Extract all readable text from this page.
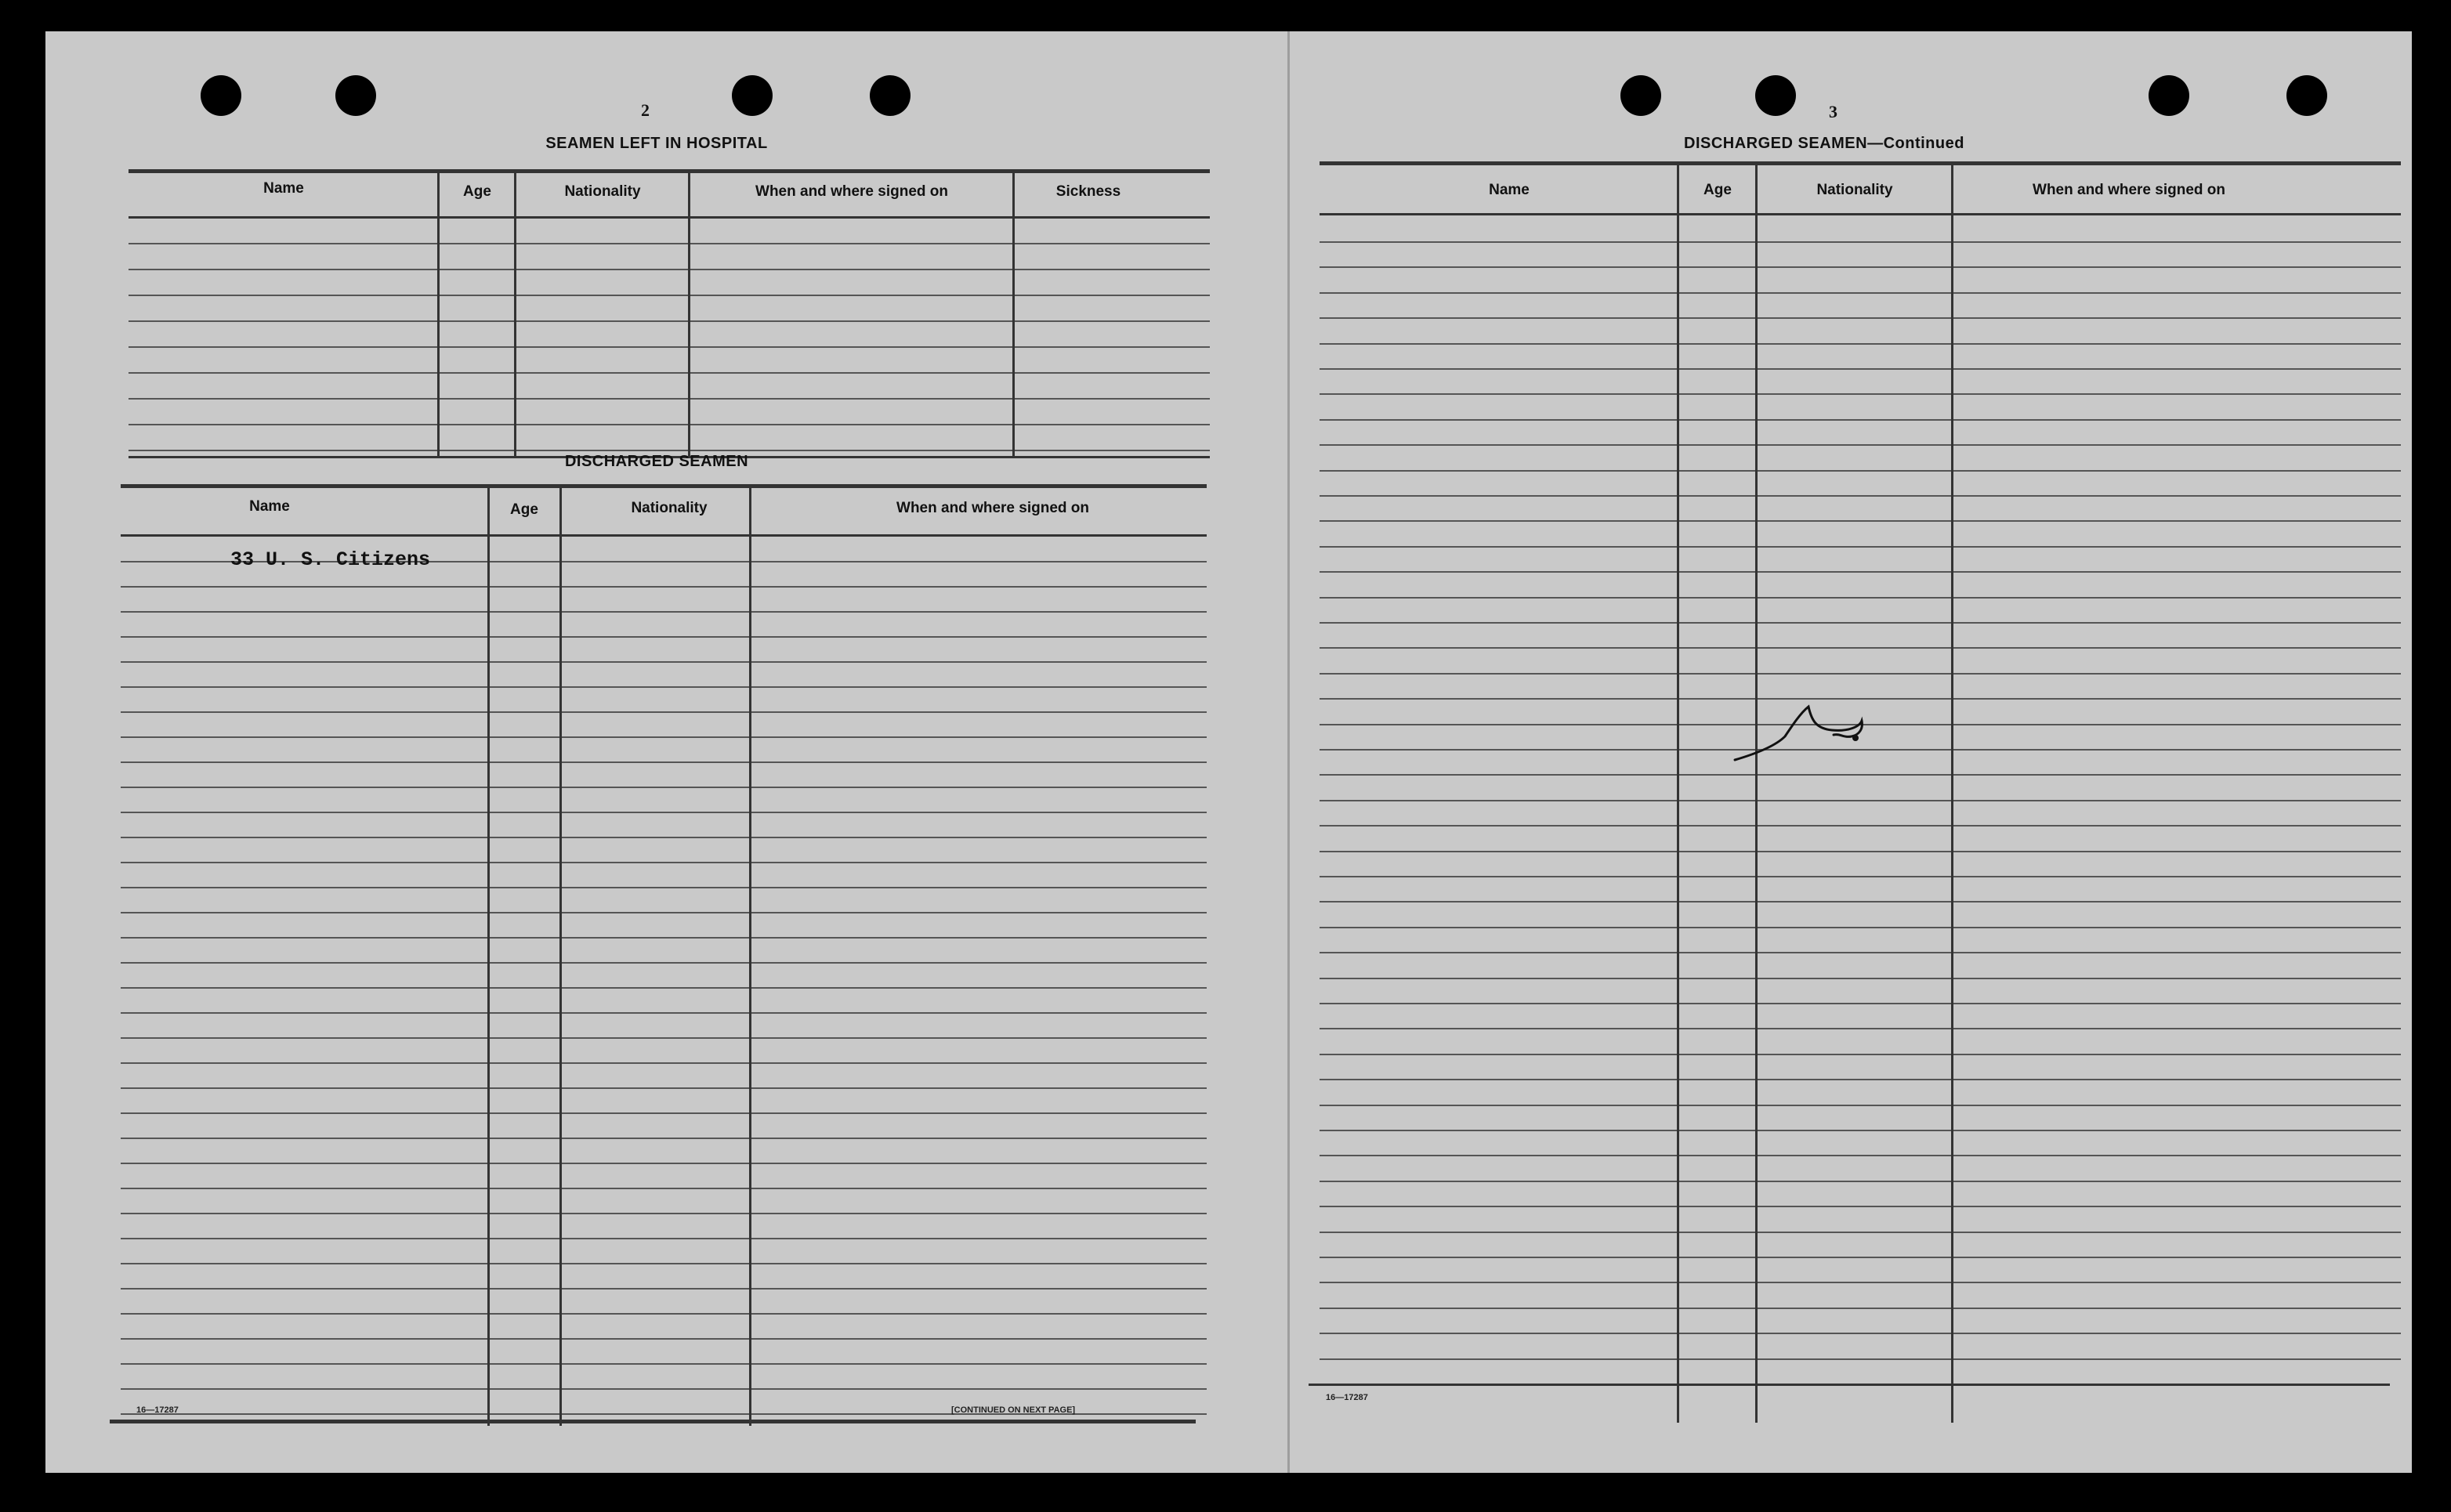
2
SEAMEN LEFT IN HOSPITAL
Name	Age	Nationality	When and where signed on	Sickness
DISCHARGED SEAMEN
Name	Age	Nationality	When and where signed on
33 U. S. Citizens
16—17287	[CONTINUED ON NEXT PAGE]
3
DISCHARGED SEAMEN—Continued
Name	Age	Nationality	When and where signed on
16—17287
